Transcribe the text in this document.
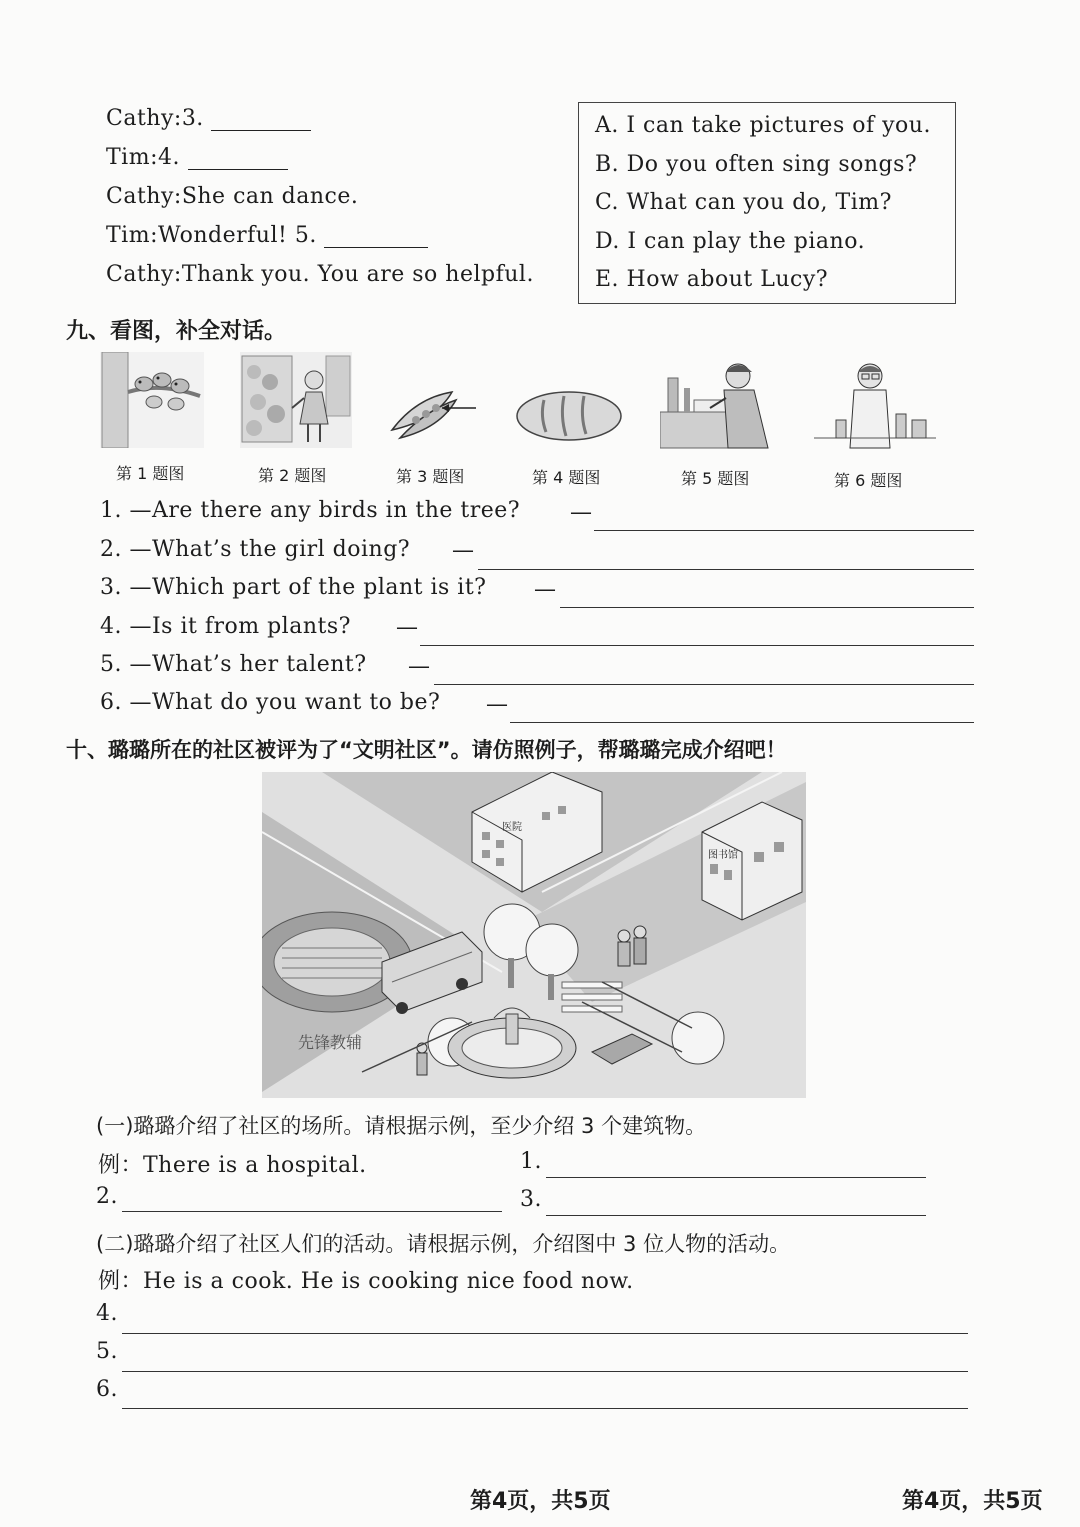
Cathy:3.
Tim:4.
Cathy:She can dance.
Tim:Wonderful! 5.
Cathy:Thank you. You are so helpful.
A. I can take pictures of you.
B. Do you often sing songs?
C. What can you do, Tim?
D. I can play the piano.
E. How about Lucy?
九、看图，补全对话。
第 1 题图	第 2 题图	第 3 题图	第 4 题图	第 5 题图	第 6 题图
1. —Are there any birds in the tree? —
2. —What’s the girl doing? —
3. —Which part of the plant is it? —
4. —Is it from plants? —
5. —What’s her talent? —
6. —What do you want to be? —
十、璐璐所在的社区被评为了“文明社区”。请仿照例子，帮璐璐完成介绍吧！
医院
图书馆
先锋教辅
(一)璐璐介绍了社区的场所。请根据示例，至少介绍 3 个建筑物。
例：There is a hospital.	1.
2.	3.
(二)璐璐介绍了社区人们的活动。请根据示例，介绍图中 3 位人物的活动。
例：He is a cook. He is cooking nice food now.
4.
5.
6.
第4页，共5页	第4页，共5页
